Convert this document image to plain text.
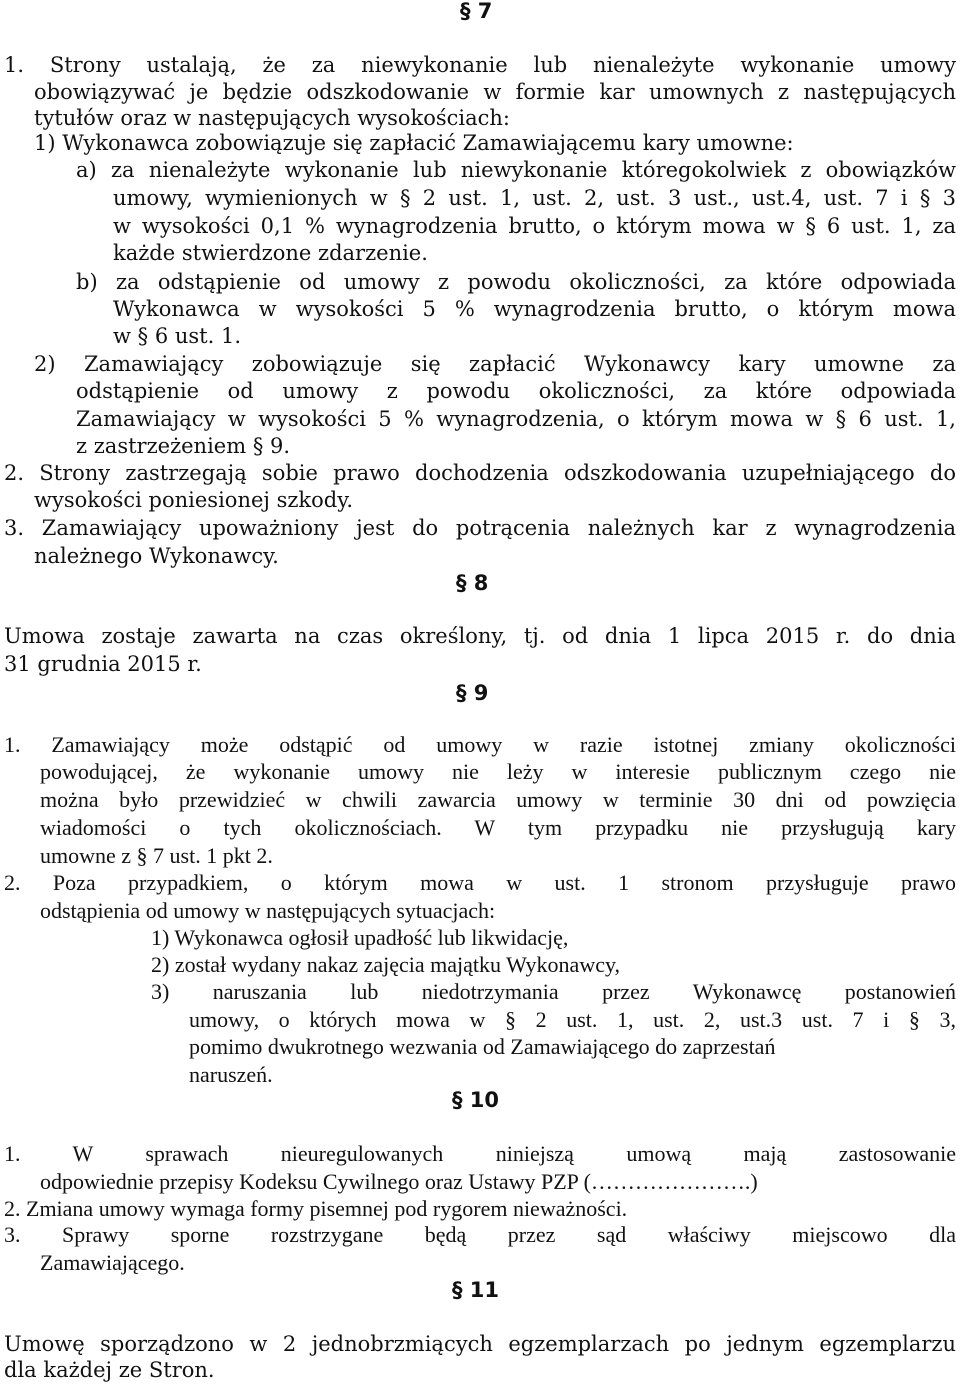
§ 7
1. Strony ustalają, że za niewykonanie lub nienależyte wykonanie umowy
obowiązywać je będzie odszkodowanie w formie kar umownych z następujących
tytułów oraz w następujących wysokościach:
1) Wykonawca zobowiązuje się zapłacić Zamawiającemu kary umowne:
a) za nienależyte wykonanie lub niewykonanie któregokolwiek z obowiązków
umowy, wymienionych w § 2 ust. 1, ust. 2, ust. 3 ust., ust.4, ust. 7 i § 3
w wysokości 0,1 % wynagrodzenia brutto, o którym mowa w § 6 ust. 1, za
każde stwierdzone zdarzenie.
b) za odstąpienie od umowy z powodu okoliczności, za które odpowiada
Wykonawca w wysokości 5 % wynagrodzenia brutto, o którym mowa
w § 6 ust. 1.
2) Zamawiający zobowiązuje się zapłacić Wykonawcy kary umowne za
odstąpienie od umowy z powodu okoliczności, za które odpowiada
Zamawiający w wysokości 5 % wynagrodzenia, o którym mowa w § 6 ust. 1,
z zastrzeżeniem § 9.
2. Strony zastrzegają sobie prawo dochodzenia odszkodowania uzupełniającego do
wysokości poniesionej szkody.
3. Zamawiający upoważniony jest do potrącenia należnych kar z wynagrodzenia
należnego Wykonawcy.
§ 8
Umowa zostaje zawarta na czas określony, tj. od dnia 1 lipca 2015 r. do dnia
31 grudnia 2015 r.
§ 9
1. Zamawiający może odstąpić od umowy w razie istotnej zmiany okoliczności
powodującej, że wykonanie umowy nie leży w interesie publicznym czego nie
można było przewidzieć w chwili zawarcia umowy w terminie 30 dni od powzięcia
wiadomości o tych okolicznościach. W tym przypadku nie przysługują kary
umowne z § 7 ust. 1 pkt 2.
2. Poza przypadkiem, o którym mowa w ust. 1 stronom przysługuje prawo
odstąpienia od umowy w następujących sytuacjach:
1) Wykonawca ogłosił upadłość lub likwidację,
2) został wydany nakaz zajęcia majątku Wykonawcy,
3) naruszania lub niedotrzymania przez Wykonawcę postanowień
umowy, o których mowa w § 2 ust. 1, ust. 2, ust.3 ust. 7 i § 3,
pomimo dwukrotnego wezwania od Zamawiającego do zaprzestań
naruszeń.
§ 10
1. W sprawach nieuregulowanych niniejszą umową mają zastosowanie
odpowiednie przepisy Kodeksu Cywilnego oraz Ustawy PZP (………………….)
2. Zmiana umowy wymaga formy pisemnej pod rygorem nieważności.
3. Sprawy sporne rozstrzygane będą przez sąd właściwy miejscowo dla
Zamawiającego.
§ 11
Umowę sporządzono w 2 jednobrzmiących egzemplarzach po jednym egzemplarzu
dla każdej ze Stron.
